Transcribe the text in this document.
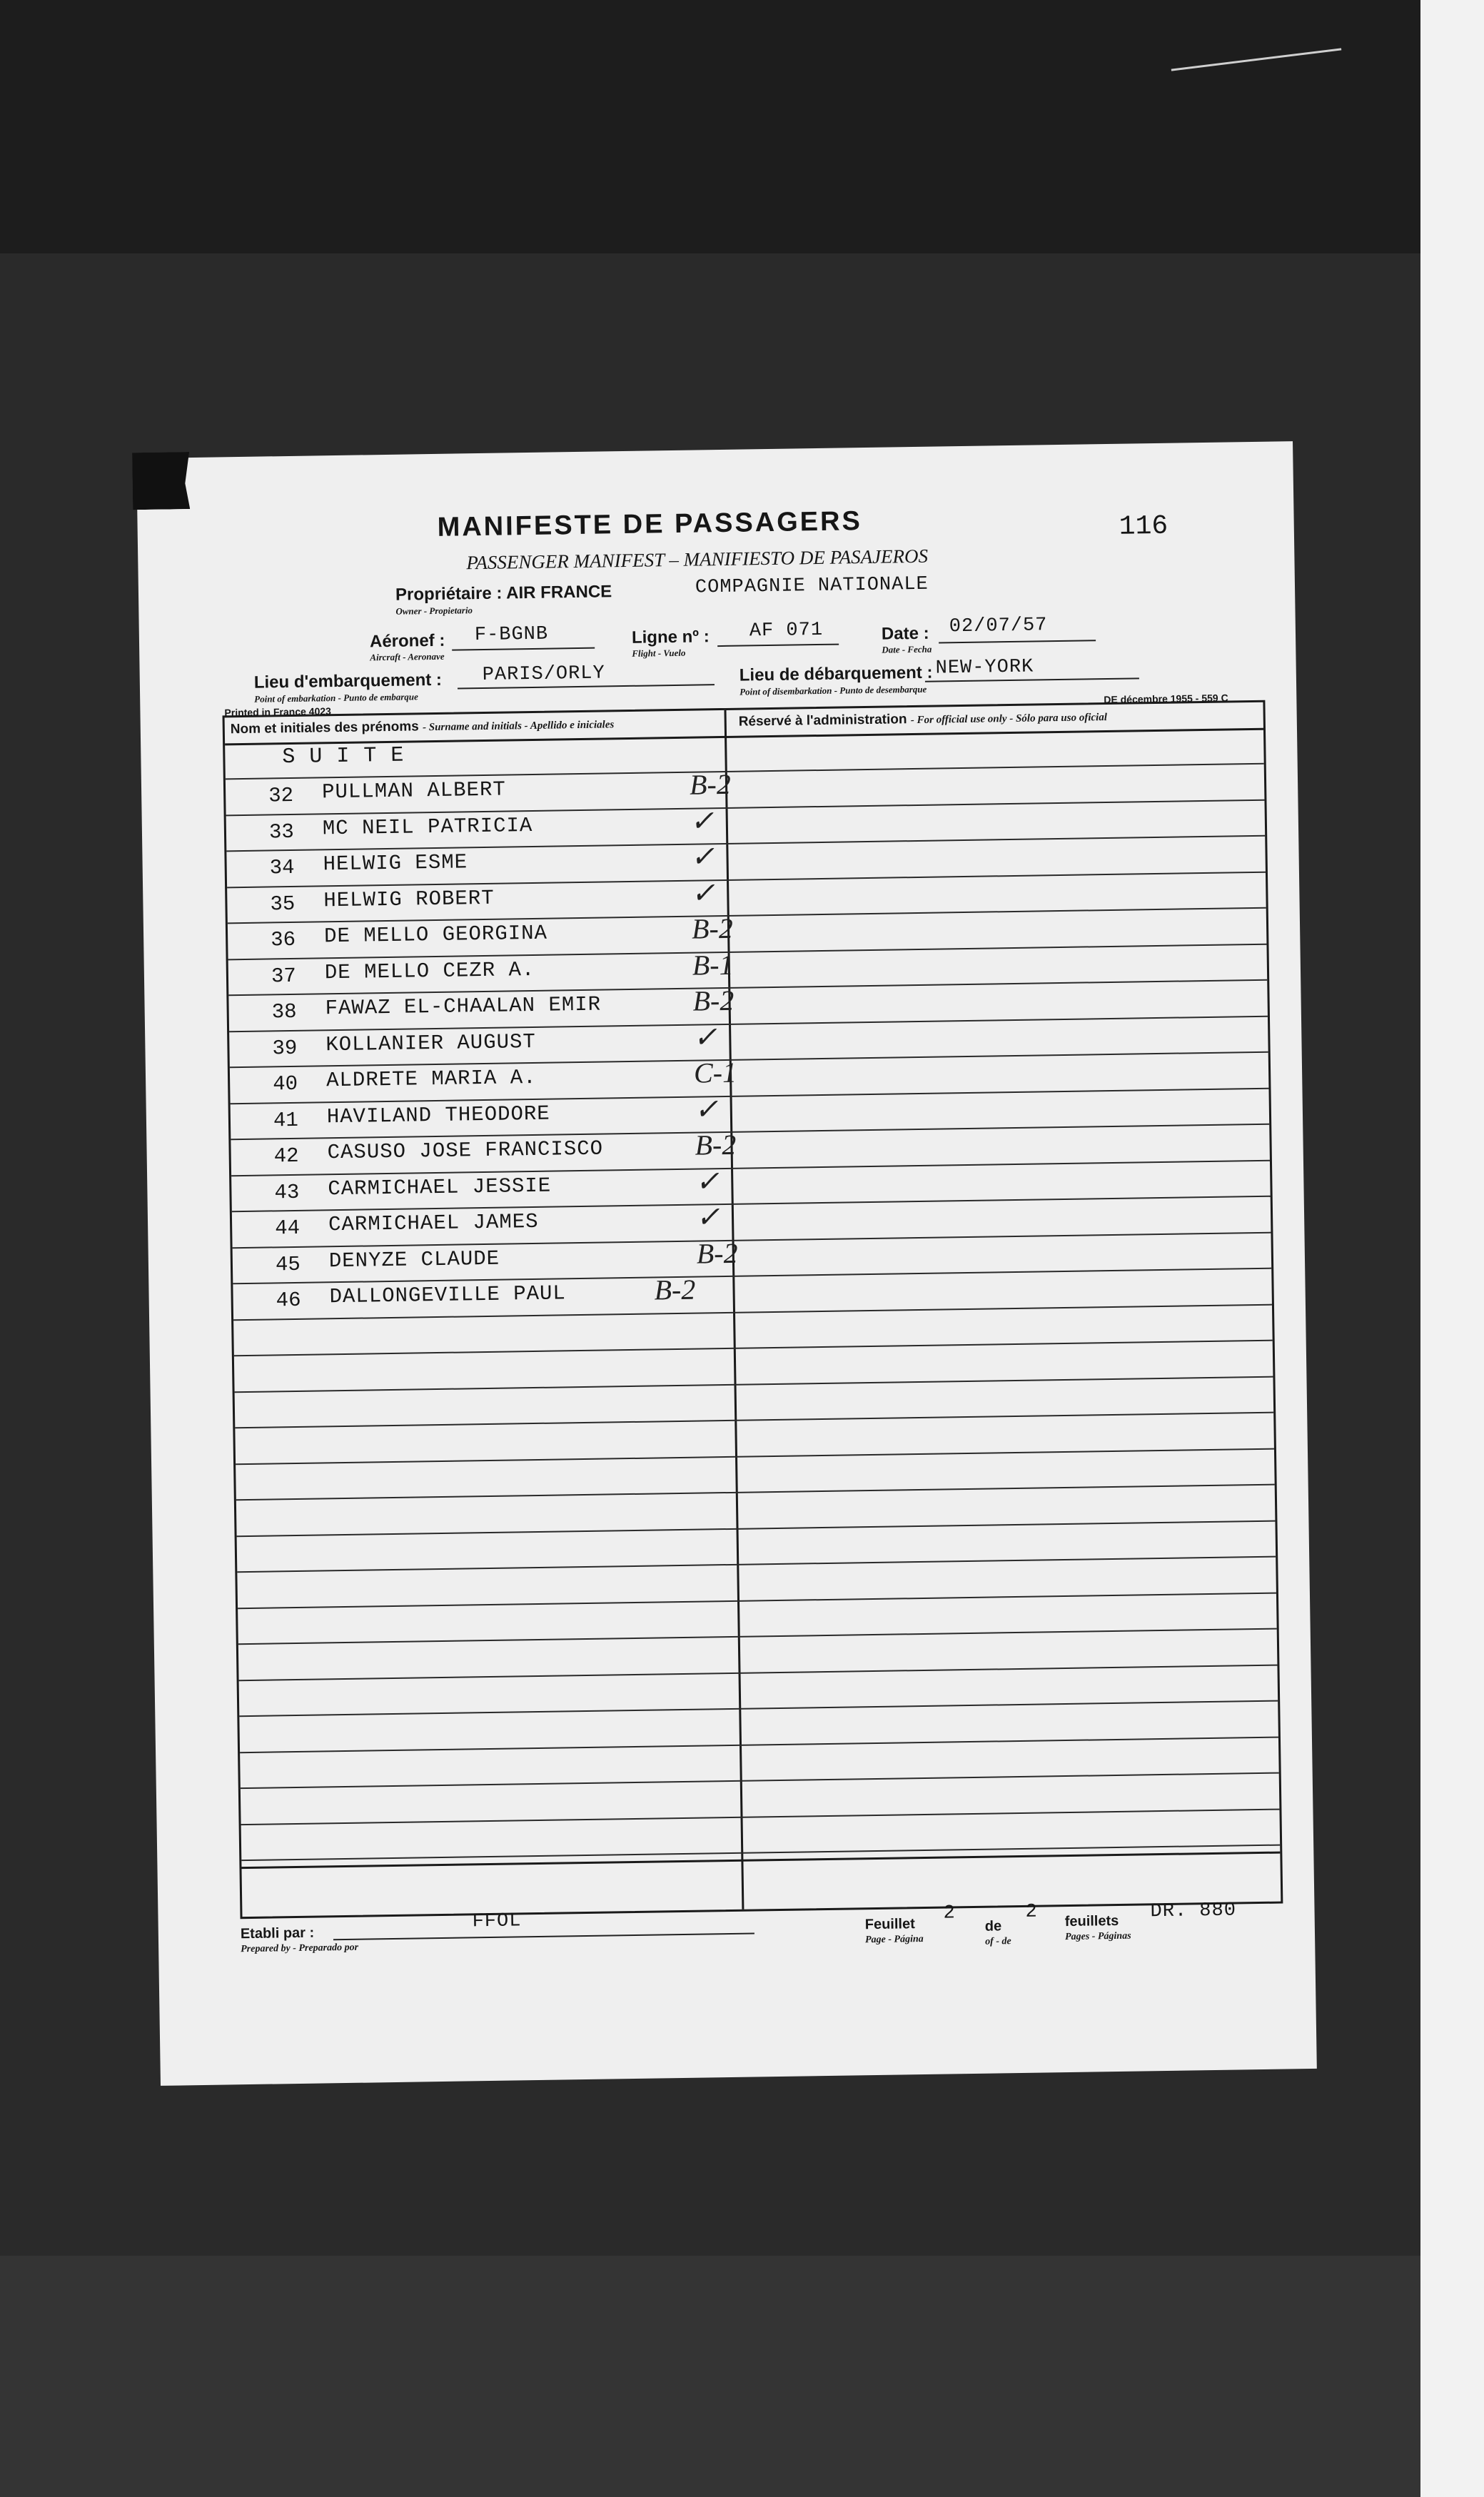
MANIFESTE DE PASSAGERS
PASSENGER MANIFEST – MANIFIESTO DE PASAJEROS
116
Propriétaire : AIR FRANCE
Owner - Propietario
COMPAGNIE NATIONALE
Aéronef :
Aircraft - Aeronave
F-BGNB	Ligne nº :
Flight - Vuelo
AF 071	Date :
Date - Fecha
02/07/57
Lieu d'embarquement :
Point of embarkation - Punto de embarque
PARIS/ORLY	Lieu de débarquement :
Point of disembarkation - Punto de desembarque
NEW-YORK
Printed in France 4023
DE décembre 1955 - 559 C
Nom et initiales des prénoms - Surname and initials - Apellido e iniciales	Réservé à l'administration - For official use only - Sólo para uso oficial
S U I T E
32 PULLMAN ALBERT	B-2
33 MC NEIL PATRICIA	✓
34 HELWIG ESME	✓
35 HELWIG ROBERT	✓
36 DE MELLO GEORGINA	B-2
37 DE MELLO CEZR A.	B-1
38 FAWAZ EL-CHAALAN EMIR	B-2
39 KOLLANIER AUGUST	✓
40 ALDRETE MARIA A.	C-1
41 HAVILAND THEODORE	✓
42 CASUSO JOSE FRANCISCO	B-2
43 CARMICHAEL JESSIE	✓
44 CARMICHAEL JAMES	✓
45 DENYZE CLAUDE	B-2
46 DALLONGEVILLE PAUL	B-2
Etabli par :
Prepared by - Preparado por
FFOL	Feuillet
Page - Página
2
de
of - de
2 feuillets
Pages - Páginas
DR. 880
